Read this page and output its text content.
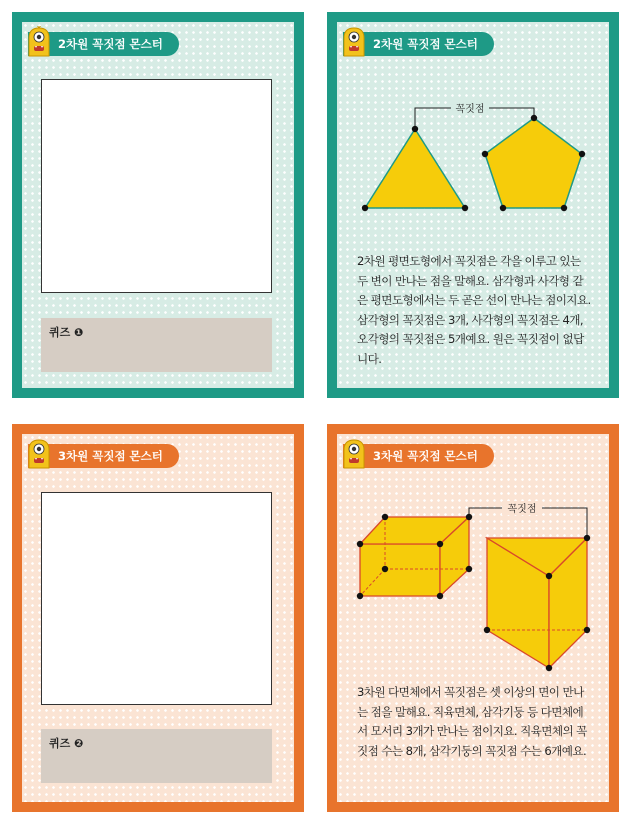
2차원 꼭짓점 몬스터
퀴즈 ❶
2차원 꼭짓점 몬스터
꼭짓점
2차원 평면도형에서 꼭짓점은 각을 이루고 있는 두 변이 만나는 점을 말해요. 삼각형과 사각형 같은 평면도형에서는 두 곧은 선이 만나는 점이지요. 삼각형의 꼭짓점은 3개, 사각형의 꼭짓점은 4개, 오각형의 꼭짓점은 5개예요. 원은 꼭짓점이 없답니다.
3차원 꼭짓점 몬스터
퀴즈 ❷
3차원 꼭짓점 몬스터
꼭짓점
3차원 다면체에서 꼭짓점은 셋 이상의 면이 만나는 점을 말해요. 직육면체, 삼각기둥 등 다면체에서 모서리 3개가 만나는 점이지요. 직육면체의 꼭짓점 수는 8개, 삼각기둥의 꼭짓점 수는 6개예요.
